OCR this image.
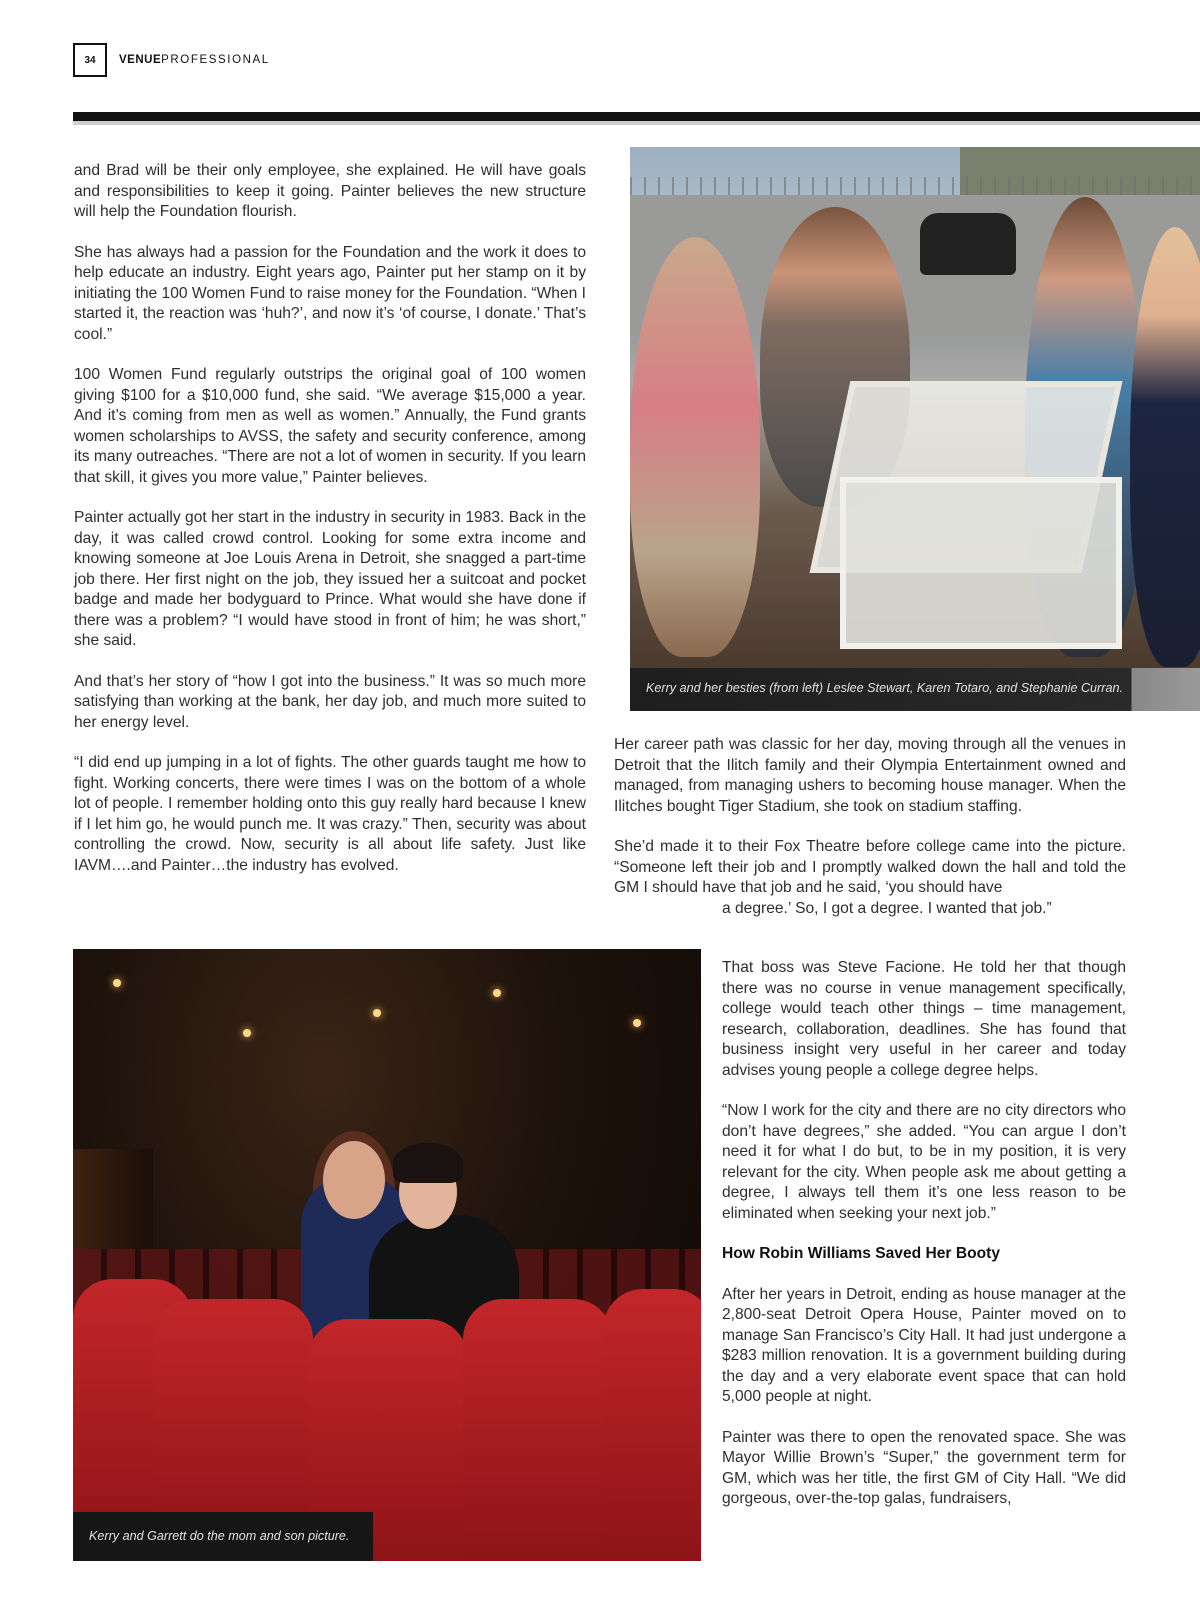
34	VENUEPROFESSIONAL

and Brad will be their only employee, she explained. He will have goals and responsibilities to keep it going. Painter believes the new structure will help the Foundation flourish.

She has always had a passion for the Foundation and the work it does to help educate an industry. Eight years ago, Painter put her stamp on it by initiating the 100 Women Fund to raise money for the Foundation. “When I started it, the reaction was ‘huh?’, and now it’s ‘of course, I donate.’ That’s cool.”

100 Women Fund regularly outstrips the original goal of 100 women giving $100 for a $10,000 fund, she said. “We average $15,000 a year. And it’s coming from men as well as women.” Annually, the Fund grants women scholarships to AVSS, the safety and security conference, among its many outreaches. “There are not a lot of women in security. If you learn that skill, it gives you more value,” Painter believes.

Painter actually got her start in the industry in security in 1983. Back in the day, it was called crowd control. Looking for some extra income and knowing someone at Joe Louis Arena in Detroit, she snagged a part-time job there. Her first night on the job, they issued her a suitcoat and pocket badge and made her bodyguard to Prince. What would she have done if there was a problem? “I would have stood in front of him; he was short,” she said.

And that’s her story of “how I got into the business.” It was so much more satisfying than working at the bank, her day job, and much more suited to her energy level.

“I did end up jumping in a lot of fights. The other guards taught me how to fight. Working concerts, there were times I was on the bottom of a whole lot of people. I remember holding onto this guy really hard because I knew if I let him go, he would punch me. It was crazy.” Then, security was about controlling the crowd. Now, security is all about life safety. Just like IAVM….and Painter…the industry has evolved.

Kerry and her besties (from left) Leslee Stewart, Karen Totaro, and Stephanie Curran.

Her career path was classic for her day, moving through all the venues in Detroit that the Ilitch family and their Olympia Entertainment owned and managed, from managing ushers to becoming house manager. When the Ilitches bought Tiger Stadium, she took on stadium staffing.

She’d made it to their Fox Theatre before college came into the picture. “Someone left their job and I promptly walked down the hall and told the GM I should have that job and he said, ‘you should have

a degree.’ So, I got a degree. I wanted that job.”

Kerry and Garrett do the mom and son picture.

That boss was Steve Facione. He told her that though there was no course in venue management specifically, college would teach other things – time management, research, collaboration, deadlines. She has found that business insight very useful in her career and today advises young people a college degree helps.

“Now I work for the city and there are no city directors who don’t have degrees,” she added. “You can argue I don’t need it for what I do but, to be in my position, it is very relevant for the city. When people ask me about getting a degree, I always tell them it’s one less reason to be eliminated when seeking your next job.”

How Robin Williams Saved Her Booty

After her years in Detroit, ending as house manager at the 2,800-seat Detroit Opera House, Painter moved on to manage San Francisco’s City Hall. It had just undergone a $283 million renovation. It is a government building during the day and a very elaborate event space that can hold 5,000 people at night.

Painter was there to open the renovated space. She was Mayor Willie Brown’s “Super,” the government term for GM, which was her title, the first GM of City Hall. “We did gorgeous, over-the-top galas, fundraisers,
